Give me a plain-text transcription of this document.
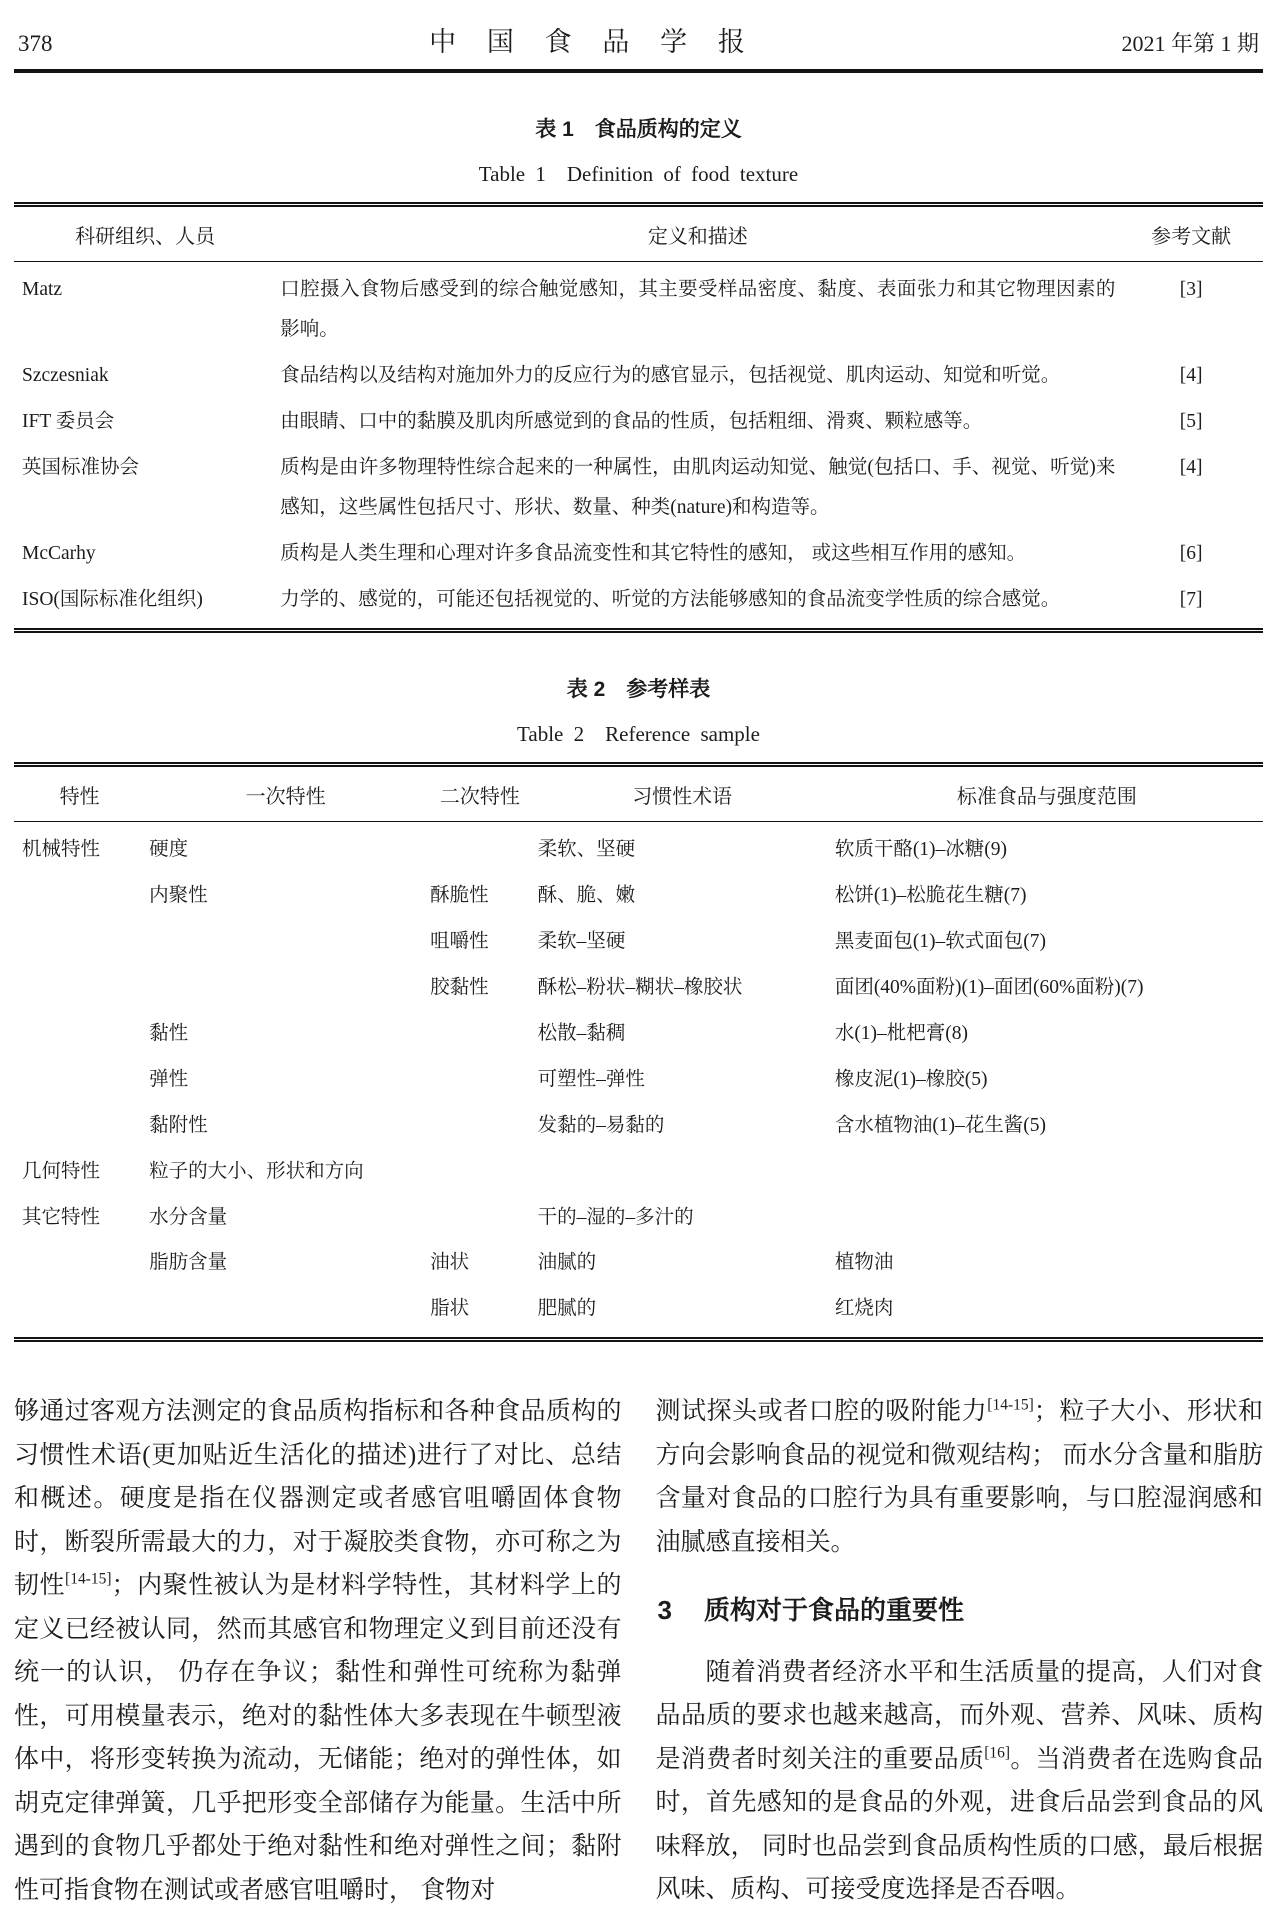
378	中 国 食 品 学 报	2021 年第 1 期
表 1　食品质构的定义
Table 1　Definition of food texture
科研组织、人员	定义和描述	参考文献
Matz	口腔摄入食物后感受到的综合触觉感知，其主要受样品密度、黏度、表面张力和其它物理因素的影响。	[3]
Szczesniak	食品结构以及结构对施加外力的反应行为的感官显示，包括视觉、肌肉运动、知觉和听觉。	[4]
IFT 委员会	由眼睛、口中的黏膜及肌肉所感觉到的食品的性质，包括粗细、滑爽、颗粒感等。	[5]
英国标准协会	质构是由许多物理特性综合起来的一种属性，由肌肉运动知觉、触觉(包括口、手、视觉、听觉)来感知，这些属性包括尺寸、形状、数量、种类(nature)和构造等。	[4]
McCarhy	质构是人类生理和心理对许多食品流变性和其它特性的感知， 或这些相互作用的感知。	[6]
ISO(国际标准化组织)	力学的、感觉的，可能还包括视觉的、听觉的方法能够感知的食品流变学性质的综合感觉。	[7]
表 2　参考样表
Table 2　Reference sample
特性	一次特性	二次特性	习惯性术语	标准食品与强度范围
机械特性	硬度		柔软、坚硬	软质干酪(1)–冰糖(9)
	内聚性	酥脆性	酥、脆、嫩	松饼(1)–松脆花生糖(7)
		咀嚼性	柔软–坚硬	黑麦面包(1)–软式面包(7)
		胶黏性	酥松–粉状–糊状–橡胶状	面团(40%面粉)(1)–面团(60%面粉)(7)
	黏性		松散–黏稠	水(1)–枇杷膏(8)
	弹性		可塑性–弹性	橡皮泥(1)–橡胶(5)
	黏附性		发黏的–易黏的	含水植物油(1)–花生酱(5)
几何特性	粒子的大小、形状和方向			
其它特性	水分含量		干的–湿的–多汁的	
	脂肪含量	油状	油腻的	植物油
		脂状	肥腻的	红烧肉

够通过客观方法测定的食品质构指标和各种食品质构的习惯性术语(更加贴近生活化的描述)进行了对比、总结和概述。硬度是指在仪器测定或者感官咀嚼固体食物时，断裂所需最大的力，对于凝胶类食物，亦可称之为韧性[14-15]；内聚性被认为是材料学特性，其材料学上的定义已经被认同，然而其感官和物理定义到目前还没有统一的认识， 仍存在争议；黏性和弹性可统称为黏弹性，可用模量表示，绝对的黏性体大多表现在牛顿型液体中，将形变转换为流动，无储能；绝对的弹性体，如胡克定律弹簧，几乎把形变全部储存为能量。生活中所遇到的食物几乎都处于绝对黏性和绝对弹性之间；黏附性可指食物在测试或者感官咀嚼时， 食物对

测试探头或者口腔的吸附能力[14-15]；粒子大小、形状和方向会影响食品的视觉和微观结构； 而水分含量和脂肪含量对食品的口腔行为具有重要影响，与口腔湿润感和油腻感直接相关。

3 质构对于食品的重要性

随着消费者经济水平和生活质量的提高，人们对食品品质的要求也越来越高，而外观、营养、风味、质构是消费者时刻关注的重要品质[16]。当消费者在选购食品时，首先感知的是食品的外观，进食后品尝到食品的风味释放， 同时也品尝到食品质构性质的口感，最后根据风味、质构、可接受度选择是否吞咽。
